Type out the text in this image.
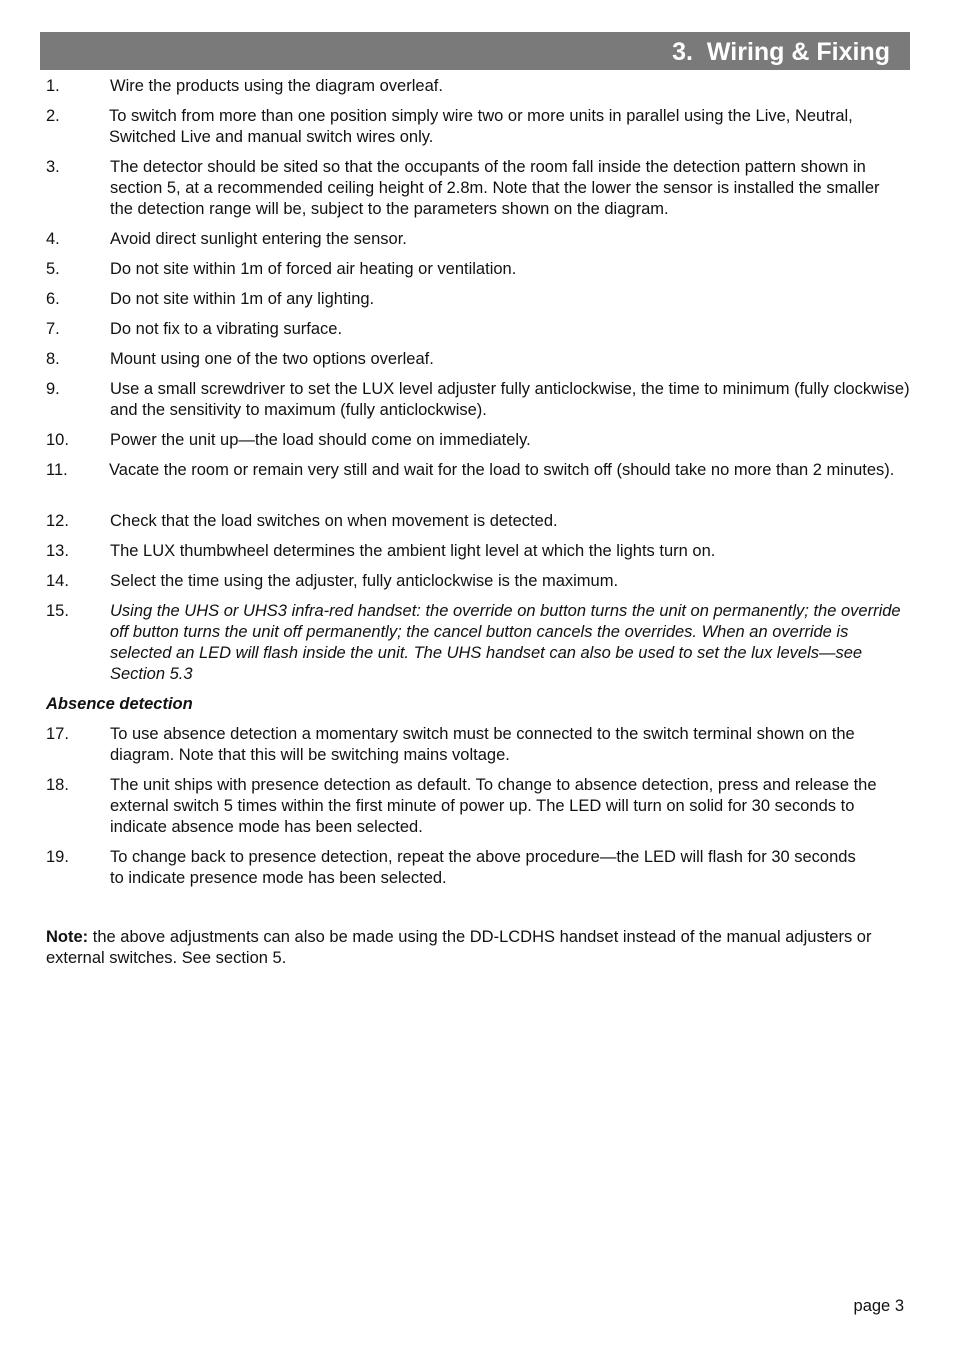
3.  Wiring & Fixing
1.	Wire the products using the diagram overleaf.
2.	To switch from more than one position simply wire two or more units in parallel using the Live, Neutral, Switched Live and manual switch wires only.
3.	The detector should be sited so that the occupants of the room fall inside the detection pattern shown in section 5, at a recommended ceiling height of 2.8m. Note that the lower the sensor is installed the smaller the detection range will be, subject to the parameters shown on the diagram.
4.	Avoid direct sunlight entering the sensor.
5.	Do not site within 1m of forced air heating or ventilation.
6.	Do not site within 1m of any lighting.
7.	Do not fix to a vibrating surface.
8.	Mount using one of the two options overleaf.
9.	Use a small screwdriver to set the LUX level adjuster fully anticlockwise, the time to minimum (fully clockwise) and the sensitivity to maximum (fully anticlockwise).
10. Power the unit up—the load should come on immediately.
11.	Vacate the room or remain very still and wait for the load to switch off (should take no more than 2 minutes).
12. Check that the load switches on when movement is detected.
13. The LUX thumbwheel determines the ambient light level at which the lights turn on.
14. Select the time using the adjuster, fully anticlockwise is the maximum.
15. Using the UHS or UHS3 infra-red handset: the override on button turns the unit on permanently; the override off button turns the unit off permanently; the cancel button cancels the overrides. When an override is selected an LED will flash inside the unit. The UHS handset can also be used to set the lux levels—see Section 5.3
Absence detection
17. To use absence detection a momentary switch must be connected to the switch terminal shown on the diagram. Note that this will be switching mains voltage.
18. The unit ships with presence detection as default. To change to absence detection, press and release the external switch 5 times within the first minute of power up. The LED will turn on solid for 30 seconds to indicate absence mode has been selected.
19. To change back to presence detection, repeat the above procedure—the LED will flash for 30 seconds to indicate presence mode has been selected.
Note: the above adjustments can also be made using the DD-LCDHS handset instead of the manual adjusters or external switches. See section 5.
page 3
